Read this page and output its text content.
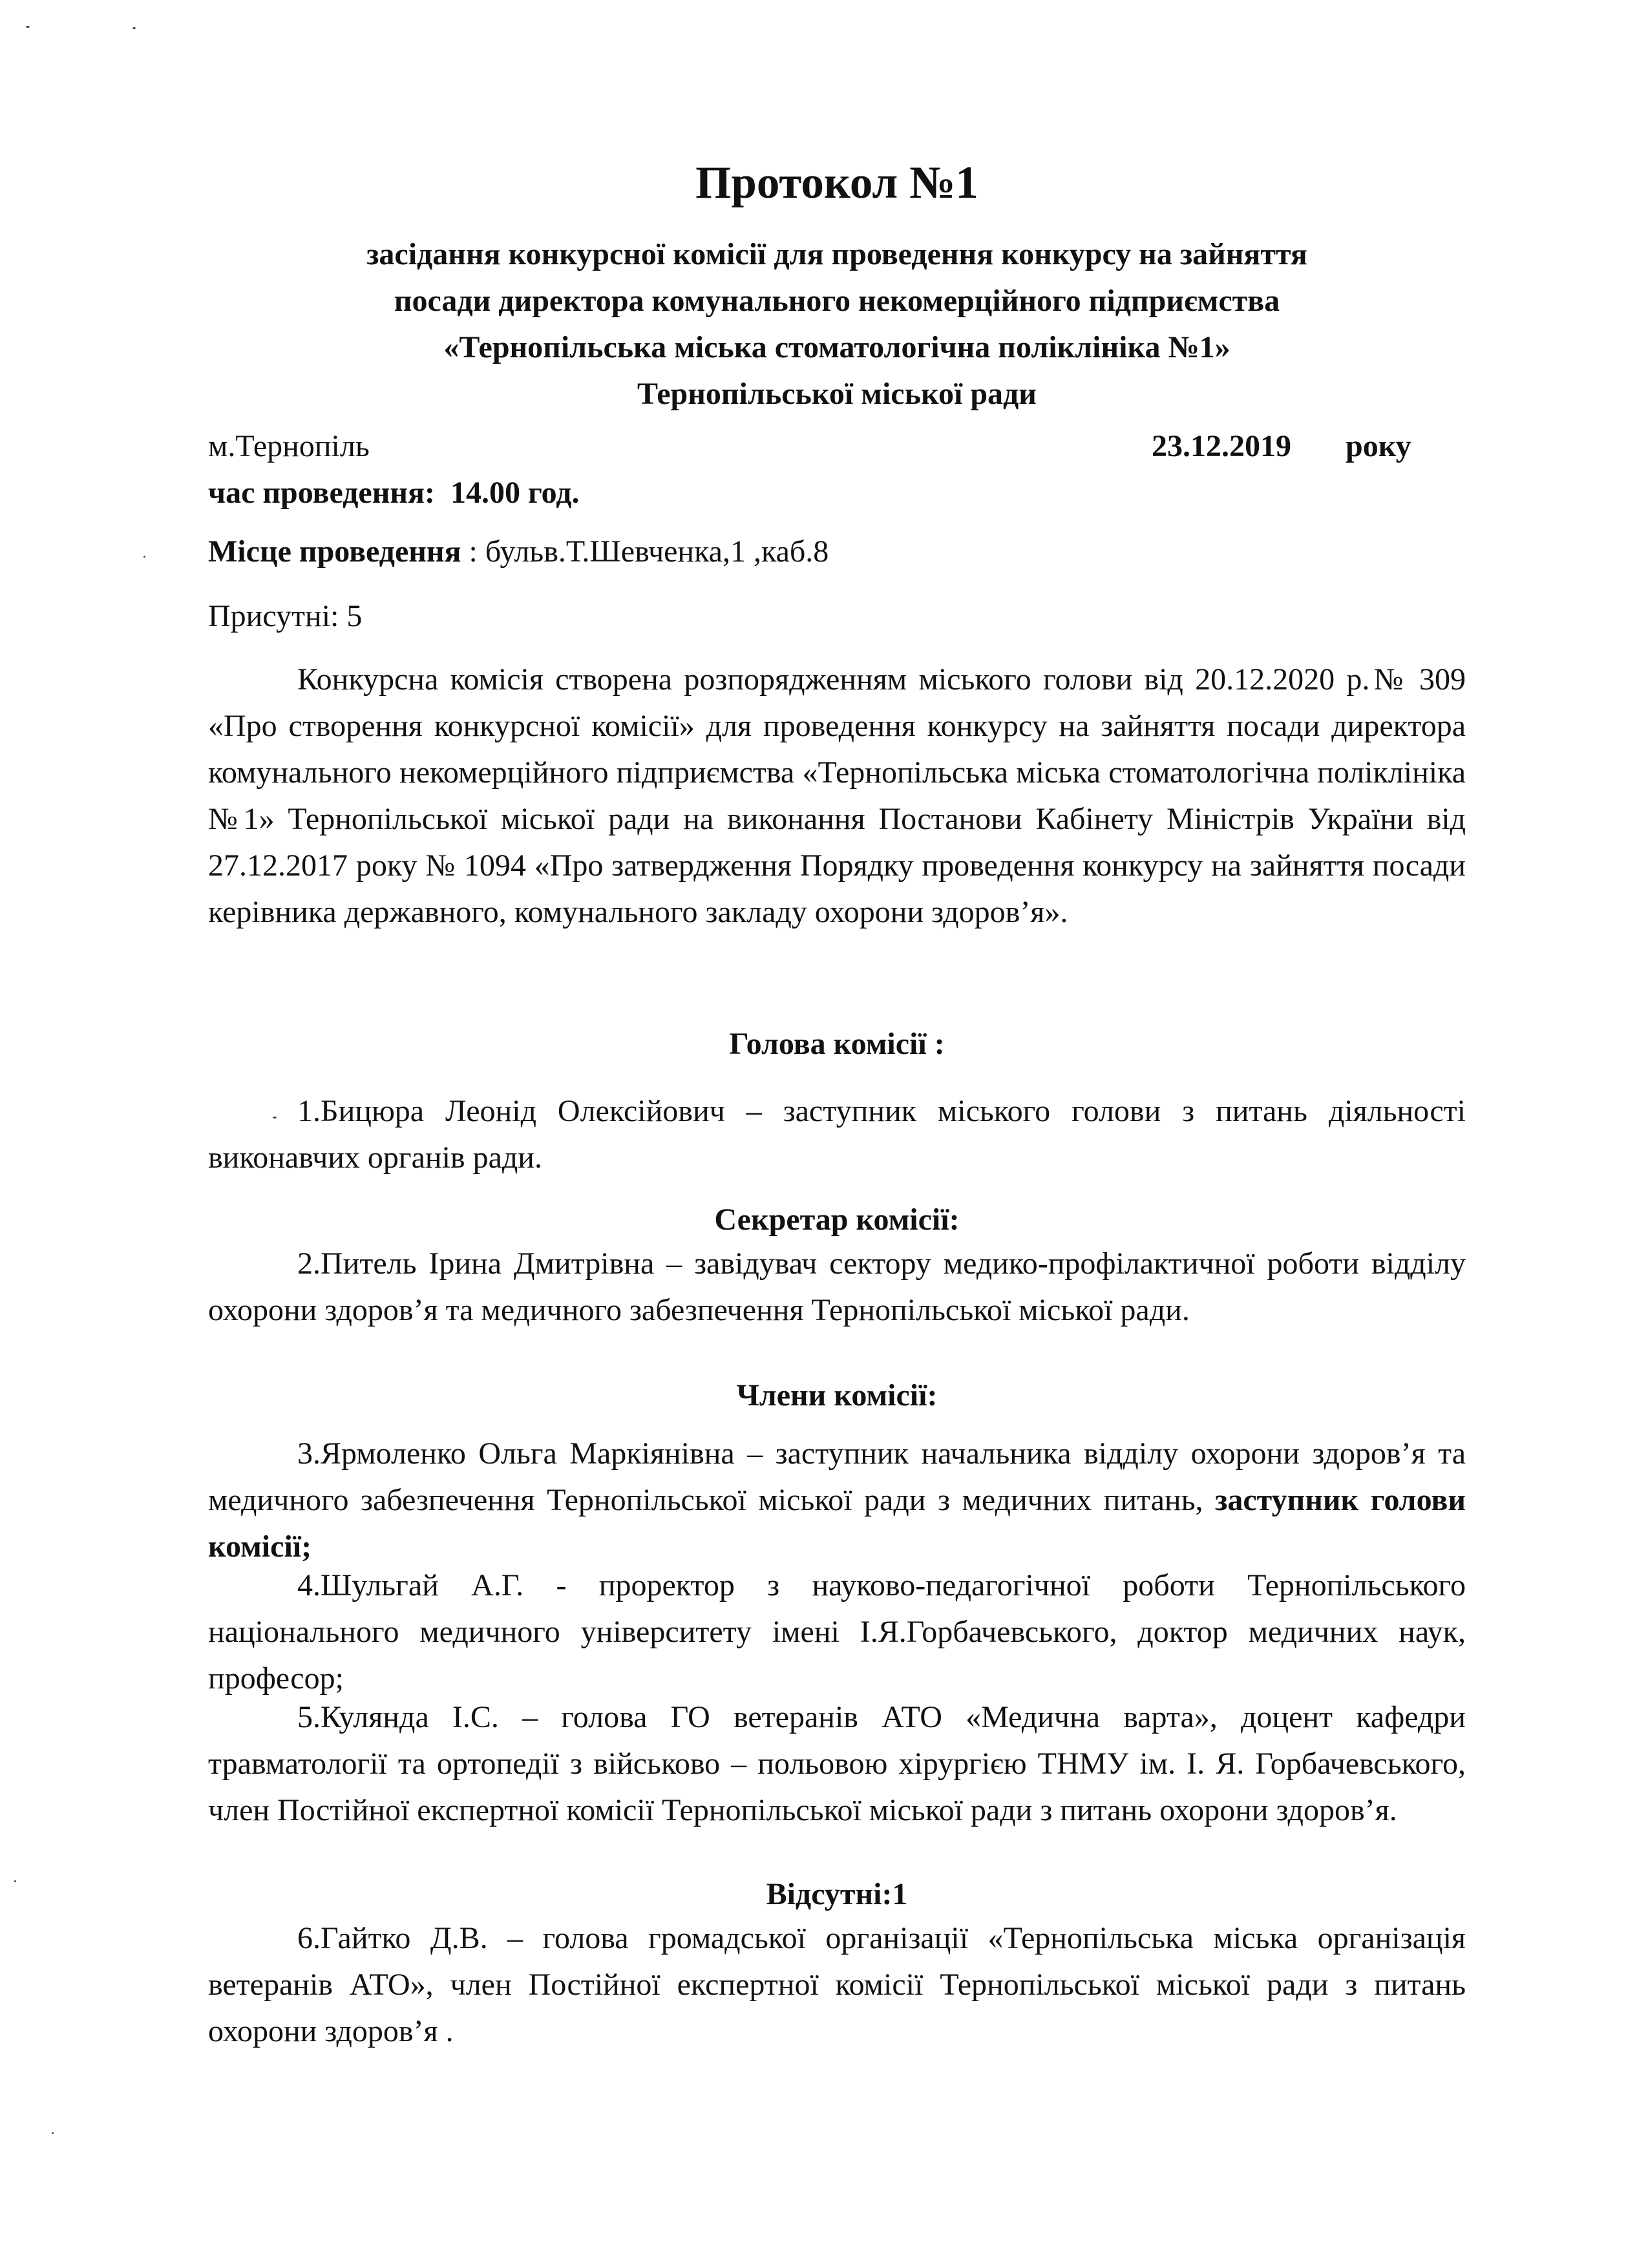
Протокол №1
засідання конкурсної комісії для проведення конкурсу на зайняття
посади директора комунального некомерційного підприємства
«Тернопільська міська стоматологічна поліклініка №1»
Тернопільської міської ради
м.Тернопіль	23.12.2019 року
час проведення: 14.00 год.
Місце проведення : бульв.Т.Шевченка,1 ,каб.8
Присутні: 5

Конкурсна комісія створена розпорядженням міського голови від 20.12.2020 р.№ 309 «Про створення конкурсної комісії» для проведення конкурсу на зайняття посади директора комунального некомерційного підприємства «Тернопільська міська стоматологічна поліклініка №1» Тернопільської міської ради на виконання Постанови Кабінету Міністрів України від 27.12.2017 року № 1094 «Про затвердження Порядку проведення конкурсу на зайняття посади керівника державного, комунального закладу охорони здоров’я».

Голова комісії :

1.Бицюра Леонід Олексійович – заступник міського голови з питань діяльності виконавчих органів ради.

Секретар комісії:

2.Питель Ірина Дмитрівна – завідувач сектору медико-профілактичної роботи відділу охорони здоров’я та медичного забезпечення Тернопільської міської ради.

Члени комісії:

3.Ярмоленко Ольга Маркіянівна – заступник начальника відділу охорони здоров’я та медичного забезпечення Тернопільської міської ради з медичних питань, заступник голови комісії;

4.Шульгай А.Г. - проректор з науково-педагогічної роботи Тернопільського національного медичного університету імені І.Я.Горбачевського, доктор медичних наук, професор;

5.Кулянда І.С. – голова ГО ветеранів АТО «Медична варта», доцент кафедри травматології та ортопедії з військово – польовою хірургією ТНМУ ім. І. Я. Горбачевського, член Постійної експертної комісії Тернопільської міської ради з питань охорони здоров’я.

Відсутні:1

6.Гайтко Д.В. – голова громадської організації «Тернопільська міська організація ветеранів АТО», член Постійної експертної комісії Тернопільської міської ради з питань охорони здоров’я .
